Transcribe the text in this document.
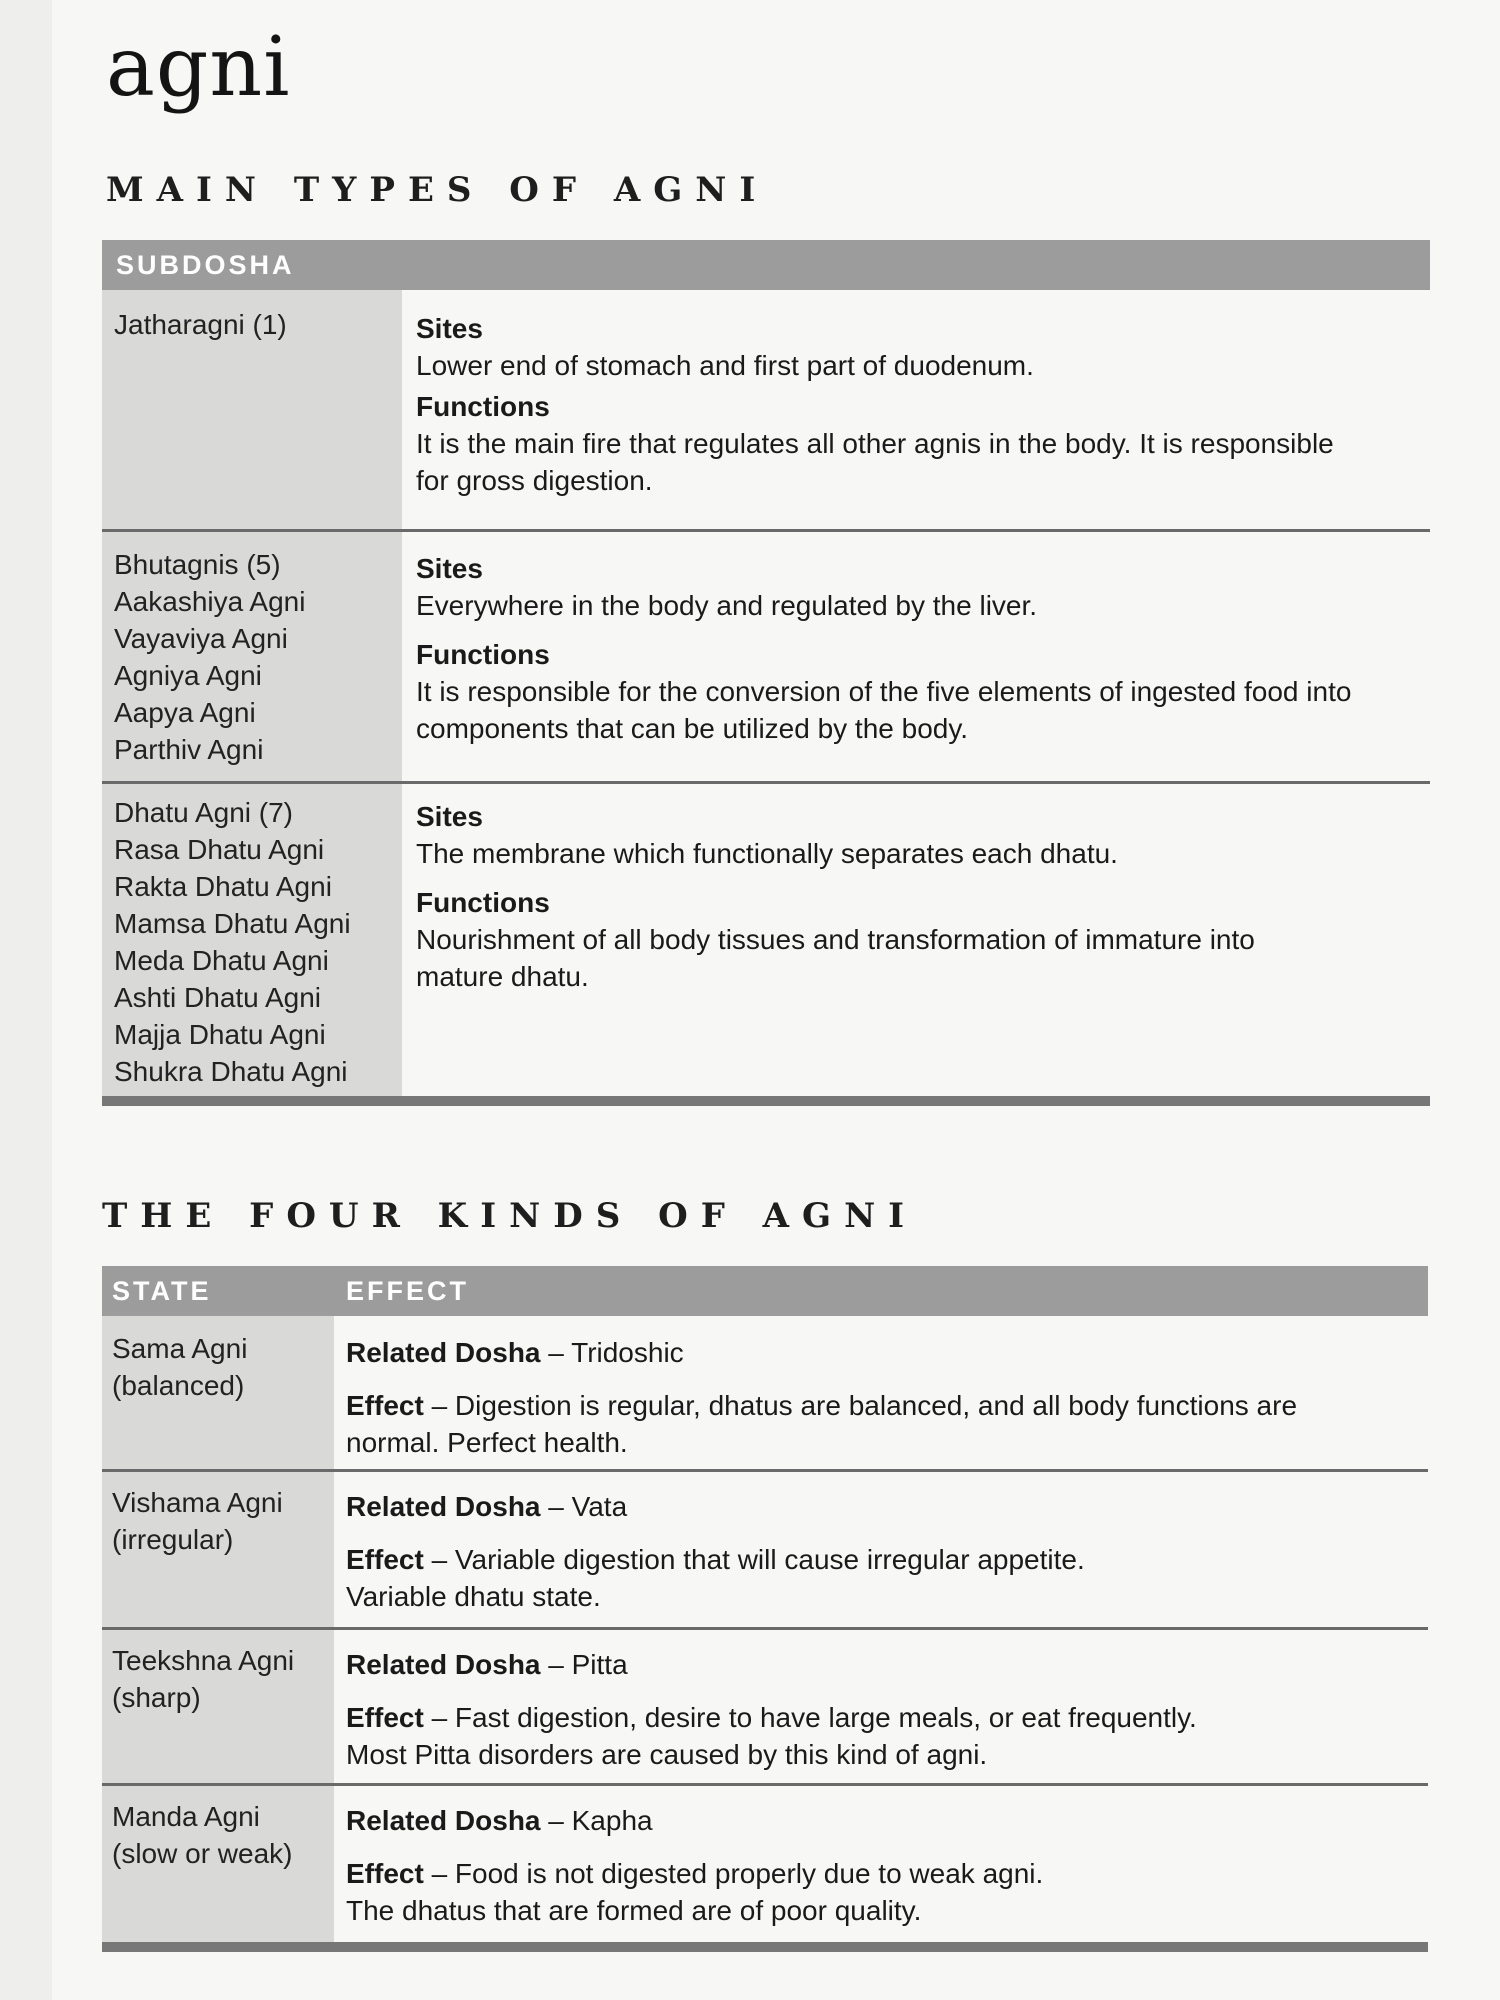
agni
MAIN TYPES OF AGNI
SUBDOSHA
Jatharagni (1)	Sites
Lower end of stomach and first part of duodenum.
Functions
It is the main fire that regulates all other agnis in the body. It is responsible
for gross digestion.
Bhutagnis (5)
Aakashiya Agni
Vayaviya Agni
Agniya Agni
Aapya Agni
Parthiv Agni
Sites
Everywhere in the body and regulated by the liver.
Functions
It is responsible for the conversion of the five elements of ingested food into
components that can be utilized by the body.
Dhatu Agni (7)
Rasa Dhatu Agni
Rakta Dhatu Agni
Mamsa Dhatu Agni
Meda Dhatu Agni
Ashti Dhatu Agni
Majja Dhatu Agni
Shukra Dhatu Agni
Sites
The membrane which functionally separates each dhatu.
Functions
Nourishment of all body tissues and transformation of immature into
mature dhatu.
THE FOUR KINDS OF AGNI
STATE	EFFECT
Sama Agni
(balanced)
Related Dosha – Tridoshic
Effect – Digestion is regular, dhatus are balanced, and all body functions are
normal. Perfect health.
Vishama Agni
(irregular)
Related Dosha – Vata
Effect – Variable digestion that will cause irregular appetite.
Variable dhatu state.
Teekshna Agni
(sharp)
Related Dosha – Pitta
Effect – Fast digestion, desire to have large meals, or eat frequently.
Most Pitta disorders are caused by this kind of agni.
Manda Agni
(slow or weak)
Related Dosha – Kapha
Effect – Food is not digested properly due to weak agni.
The dhatus that are formed are of poor quality.
